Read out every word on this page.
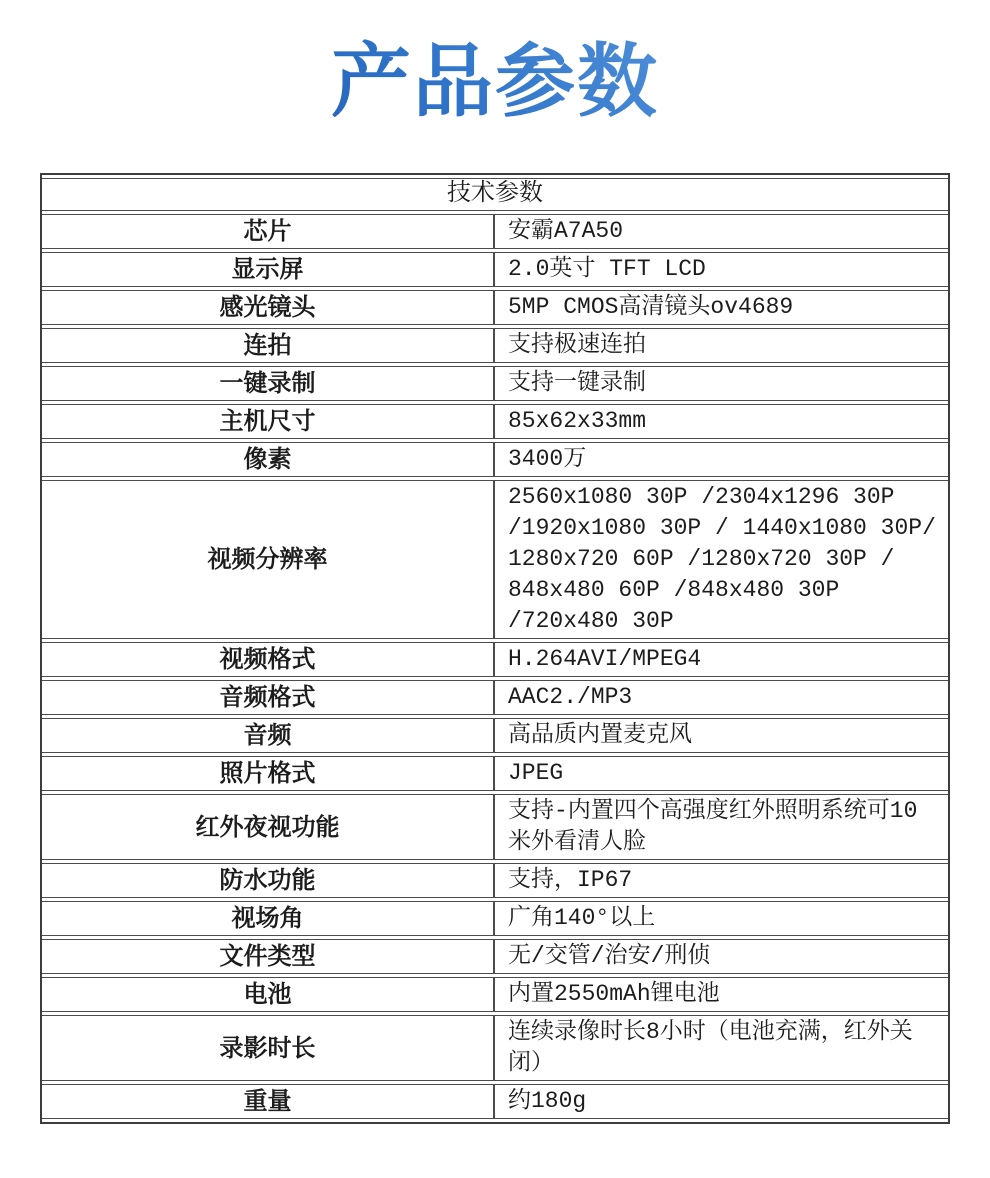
产品参数
技术参数	
芯片	安霸A7A50
显示屏	2.0英寸 TFT LCD
感光镜头	5MP CMOS高清镜头ov4689
连拍	支持极速连拍
一键录制	支持一键录制
主机尺寸	85x62x33mm
像素	3400万
视频分辨率	2560x1080 30P /2304x1296 30P /1920x1080 30P / 1440x1080 30P/ 1280x720 60P /1280x720 30P / 848x480 60P /848x480 30P /720x480 30P
视频格式	H.264AVI/MPEG4
音频格式	AAC2./MP3
音频	高品质内置麦克风
照片格式	JPEG
红外夜视功能	支持-内置四个高强度红外照明系统可10米外看清人脸
防水功能	支持，IP67
视场角	广角140°以上
文件类型	无/交管/治安/刑侦
电池	内置2550mAh锂电池
录影时长	连续录像时长8小时（电池充满，红外关闭）
重量	约180g
